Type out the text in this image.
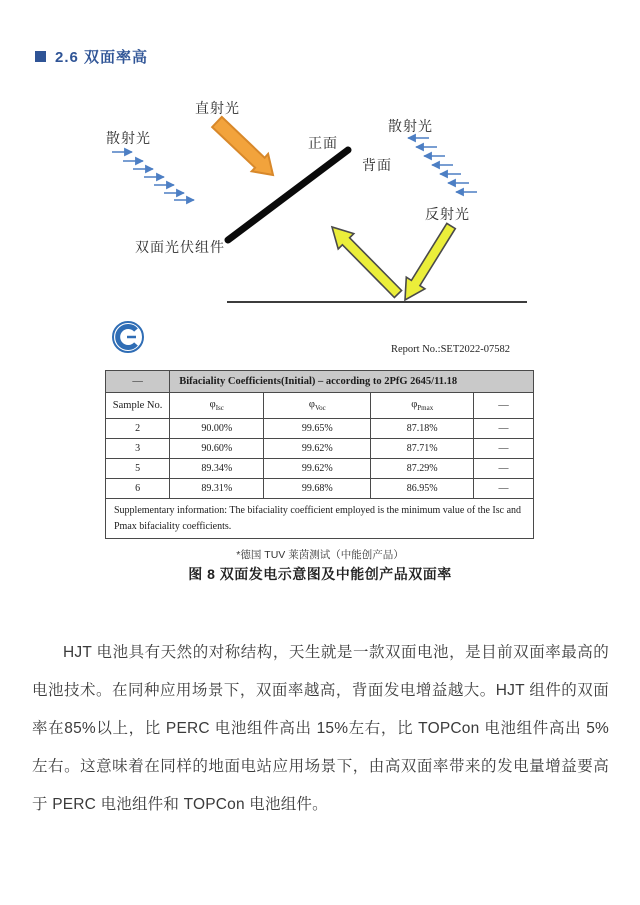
2.6 双面率高
直射光
散射光	正面
背面
散射光
反射光
双面光伏组件
Report No.:SET2022-07582
—	Bifaciality Coefficients(Initial) – according to 2PfG 2645/11.18			
Sample No.	$\varphi_{Isc}$	$\varphi_{Voc}$	$\varphi_{Pmax}$	—
2	90.00%	99.65%	87.18%	—
3	90.60%	99.62%	87.71%	—
5	89.34%	99.62%	87.29%	—
6	89.31%	99.68%	86.95%	—
Supplementary information: The bifaciality coefficient employed is the minimum value of the Isc and Pmax bifaciality coefficients.				
*德国 TUV 莱茵测试（中能创产品）
图 8 双面发电示意图及中能创产品双面率
HJT 电池具有天然的对称结构，天生就是一款双面电池，是目前双面率最高的电池技术。在同种应用场景下，双面率越高，背面发电增益越大。HJT 组件的双面率在85%以上，比 PERC 电池组件高出 15%左右，比 TOPCon 电池组件高出 5%左右。这意味着在同样的地面电站应用场景下，由高双面率带来的发电量增益要高于 PERC 电池组件和 TOPCon 电池组件。
